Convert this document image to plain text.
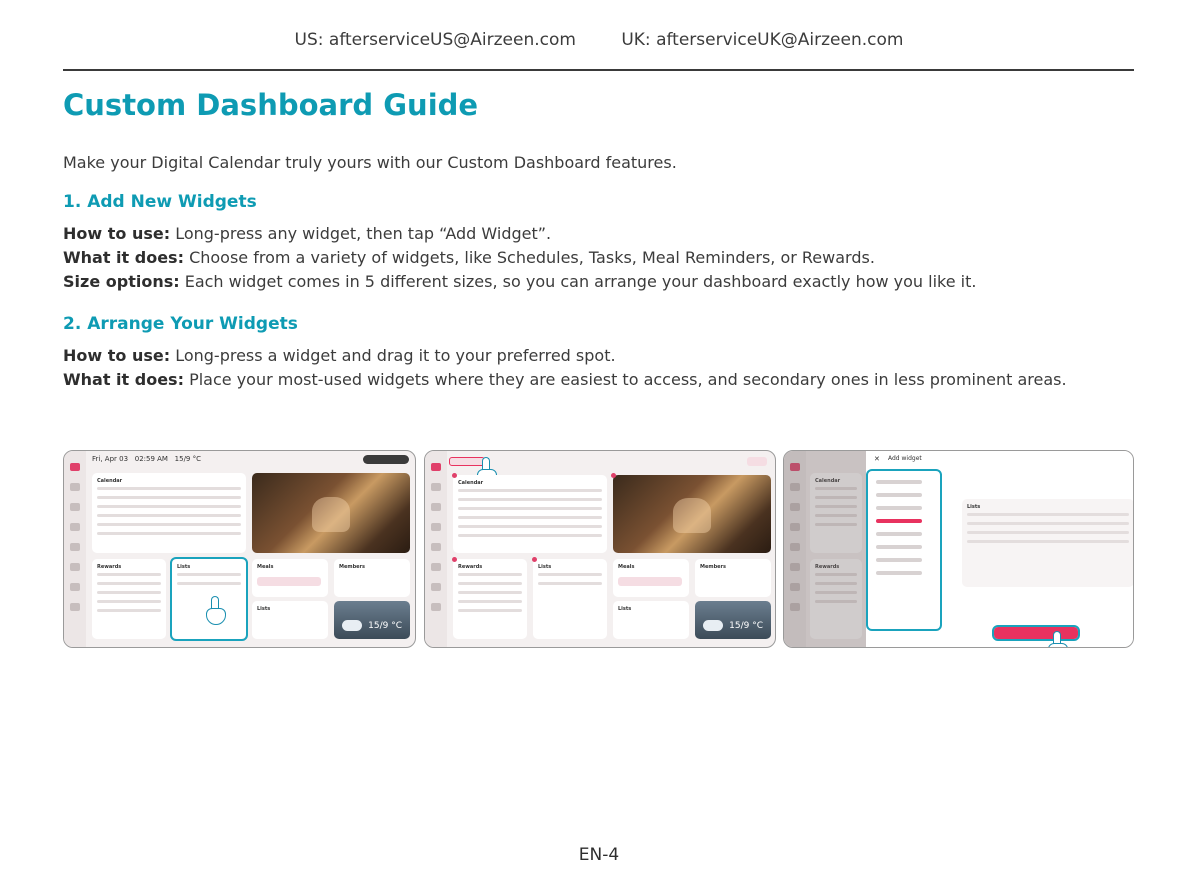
US: afterserviceUS@Airzeen.com	UK: afterserviceUK@Airzeen.com
Custom Dashboard Guide

Make your Digital Calendar truly yours with our Custom Dashboard features.

1. Add New Widgets

How to use: Long-press any widget, then tap “Add Widget”.

What it does: Choose from a variety of widgets, like Schedules, Tasks, Meal Reminders, or Rewards.

Size options: Each widget comes in 5 different sizes, so you can arrange your dashboard exactly how you like it.

2. Arrange Your Widgets

How to use: Long-press a widget and drag it to your preferred spot.

What it does: Place your most-used widgets where they are easiest to access, and secondary ones in less prominent areas.

Fri, Apr 03 02:59 AM 15/9 °C
Calendar
Rewards	Lists	Meals	Members
Lists
15/9 °C
Calendar
Rewards	Lists	Meals	Members
Lists
15/9 °C
Calendar
Rewards
✕ Add widget
Lists
EN-4
